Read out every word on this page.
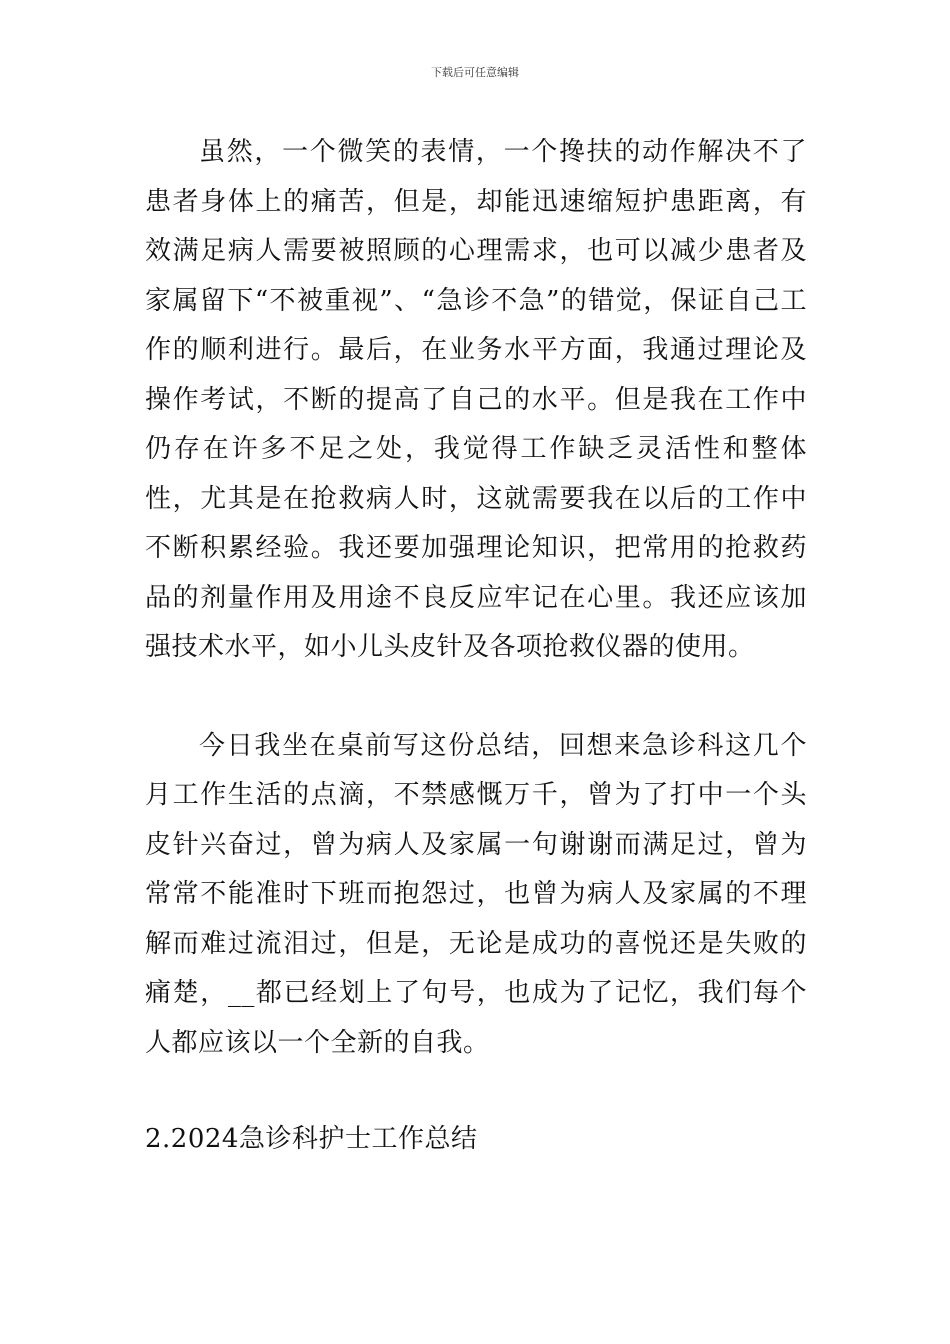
下载后可任意编辑

虽然，一个微笑的表情，一个搀扶的动作解决不了患者身体上的痛苦，但是，却能迅速缩短护患距离，有效满足病人需要被照顾的心理需求，也可以减少患者及家属留下“不被重视”、“急诊不急”的错觉，保证自己工作的顺利进行。最后，在业务水平方面，我通过理论及操作考试，不断的提高了自己的水平。但是我在工作中仍存在许多不足之处，我觉得工作缺乏灵活性和整体性，尤其是在抢救病人时，这就需要我在以后的工作中不断积累经验。我还要加强理论知识，把常用的抢救药品的剂量作用及用途不良反应牢记在心里。我还应该加强技术水平，如小儿头皮针及各项抢救仪器的使用。

今日我坐在桌前写这份总结，回想来急诊科这几个月工作生活的点滴，不禁感慨万千，曾为了打中一个头皮针兴奋过，曾为病人及家属一句谢谢而满足过，曾为常常不能准时下班而抱怨过，也曾为病人及家属的不理解而难过流泪过，但是，无论是成功的喜悦还是失败的痛楚，__都已经划上了句号，也成为了记忆，我们每个人都应该以一个全新的自我。

2.2024急诊科护士工作总结
